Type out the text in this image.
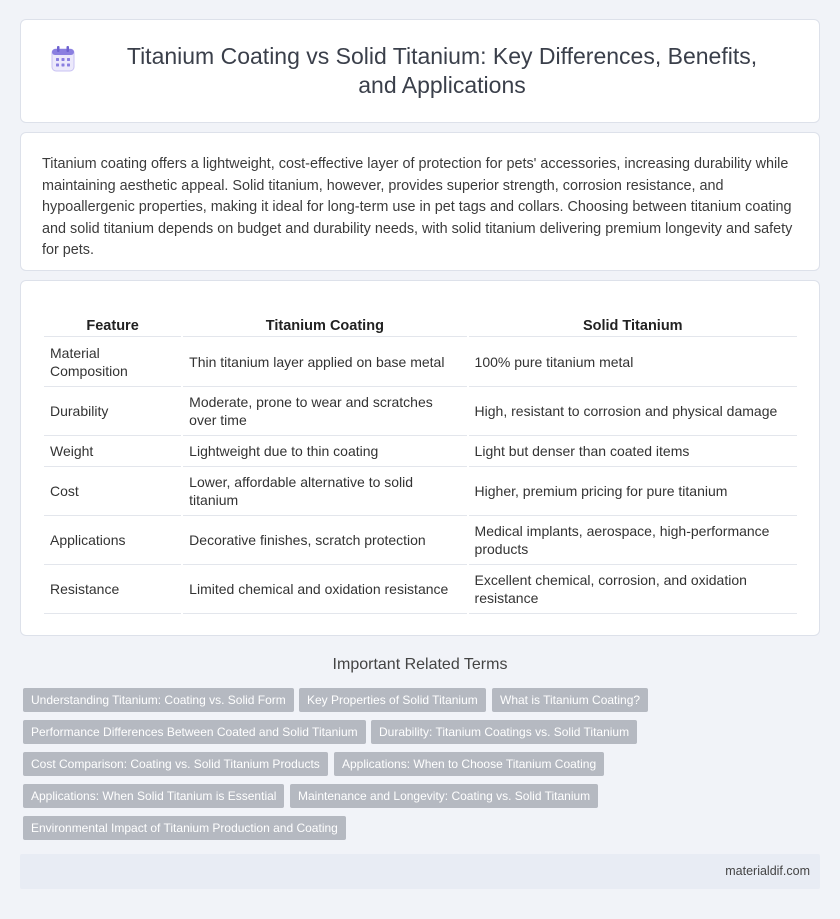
Titanium Coating vs Solid Titanium: Key Differences, Benefits, and Applications

Titanium coating offers a lightweight, cost-effective layer of protection for pets' accessories, increasing durability while maintaining aesthetic appeal. Solid titanium, however, provides superior strength, corrosion resistance, and hypoallergenic properties, making it ideal for long-term use in pet tags and collars. Choosing between titanium coating and solid titanium depends on budget and durability needs, with solid titanium delivering premium longevity and safety for pets.

Feature	Titanium Coating	Solid Titanium
Material Composition	Thin titanium layer applied on base metal	100% pure titanium metal
Durability	Moderate, prone to wear and scratches over time	High, resistant to corrosion and physical damage
Weight	Lightweight due to thin coating	Light but denser than coated items
Cost	Lower, affordable alternative to solid titanium	Higher, premium pricing for pure titanium
Applications	Decorative finishes, scratch protection	Medical implants, aerospace, high-performance products
Resistance	Limited chemical and oxidation resistance	Excellent chemical, corrosion, and oxidation resistance
Important Related Terms
Understanding Titanium: Coating vs. Solid Form	Key Properties of Solid Titanium	What is Titanium Coating?
Performance Differences Between Coated and Solid Titanium	Durability: Titanium Coatings vs. Solid Titanium
Cost Comparison: Coating vs. Solid Titanium Products	Applications: When to Choose Titanium Coating
Applications: When Solid Titanium is Essential	Maintenance and Longevity: Coating vs. Solid Titanium
Environmental Impact of Titanium Production and Coating
materialdif.com
